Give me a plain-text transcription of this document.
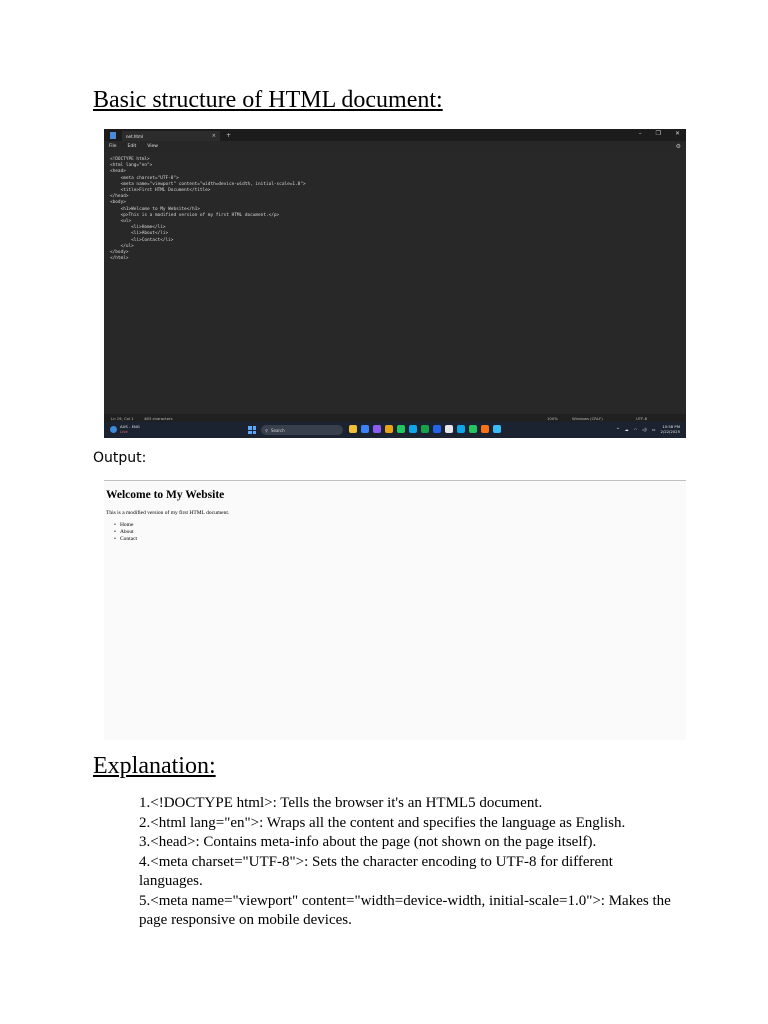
Basic structure of HTML document:
net.html	× +	– ❐ ✕
File Edit View	⚙
<!DOCTYPE html>
<html lang="en">
<head>
<meta charset="UTF-8">
<meta name="viewport" content="width=device-width, initial-scale=1.0">
<title>First HTML Document</title>
</head>
<body>
<h1>Welcome to My Website</h1>
<p>This is a modified version of my first HTML document.</p>
<ul>
<li>Home</li>
<li>About</li>
<li>Contact</li>
</ul>
</body>
</html>
Ln 19, Col 1	483 characters	100%	Windows (CRLF)	UTF-8
AUS - ENG
Live	⚲ Search	^ ☁ ◠ ◁) ▭
10:58 PM
2/22/2025
Output:
Welcome to My Website
This is a modified version of my first HTML document.
• Home
• About
• Contact
Explanation:
1.<!DOCTYPE html>: Tells the browser it's an HTML5 document.
2.<html lang="en">: Wraps all the content and specifies the language as English.
3.<head>: Contains meta-info about the page (not shown on the page itself).
4.<meta charset="UTF-8">: Sets the character encoding to UTF-8 for different languages.
5.<meta name="viewport" content="width=device-width, initial-scale=1.0">: Makes the page responsive on mobile devices.
